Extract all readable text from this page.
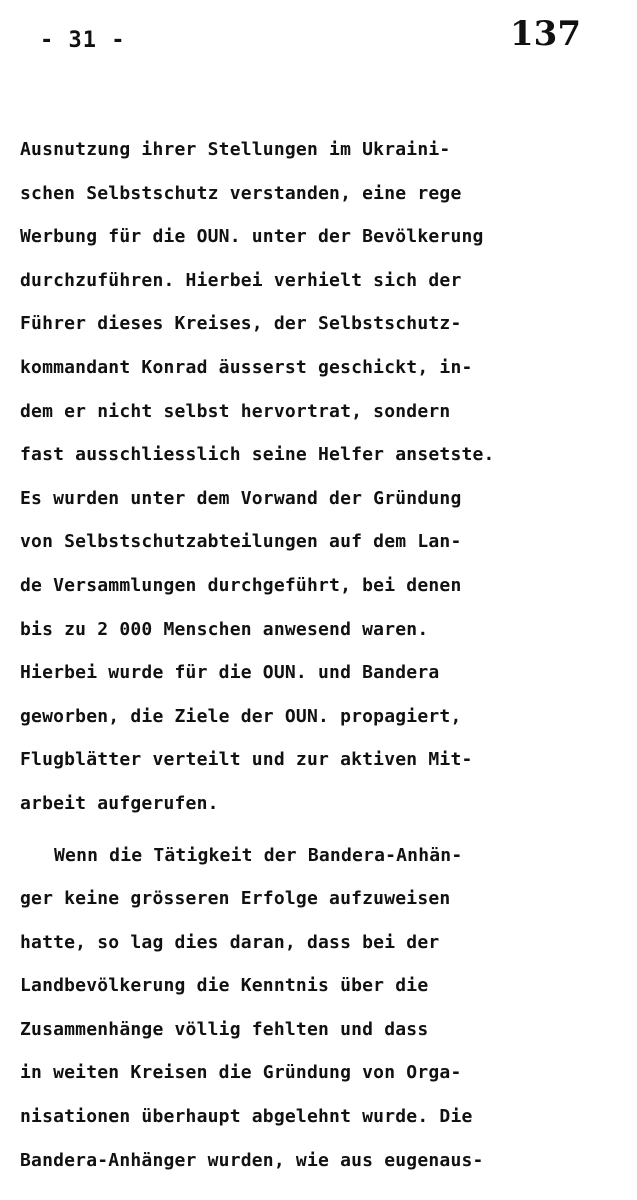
- 31 -	137
Ausnutzung ihrer Stellungen im Ukraini-
schen Selbstschutz verstanden, eine rege
Werbung für die OUN. unter der Bevölkerung
durchzuführen. Hierbei verhielt sich der
Führer dieses Kreises, der Selbstschutz-
kommandant Konrad äusserst geschickt, in-
dem er nicht selbst hervortrat, sondern
fast ausschliesslich seine Helfer ansetste.
Es wurden unter dem Vorwand der Gründung
von Selbstschutzabteilungen auf dem Lan-
de Versammlungen durchgeführt, bei denen
bis zu 2 000 Menschen anwesend waren.
Hierbei wurde für die OUN. und Bandera
geworben, die Ziele der OUN. propagiert,
Flugblätter verteilt und zur aktiven Mit-
arbeit aufgerufen.
Wenn die Tätigkeit der Bandera-Anhän-
ger keine grösseren Erfolge aufzuweisen
hatte, so lag dies daran, dass bei der
Landbevölkerung die Kenntnis über die
Zusammenhänge völlig fehlten und dass
in weiten Kreisen die Gründung von Orga-
nisationen überhaupt abgelehnt wurde. Die
Bandera-Anhänger wurden, wie aus eugenaus-
